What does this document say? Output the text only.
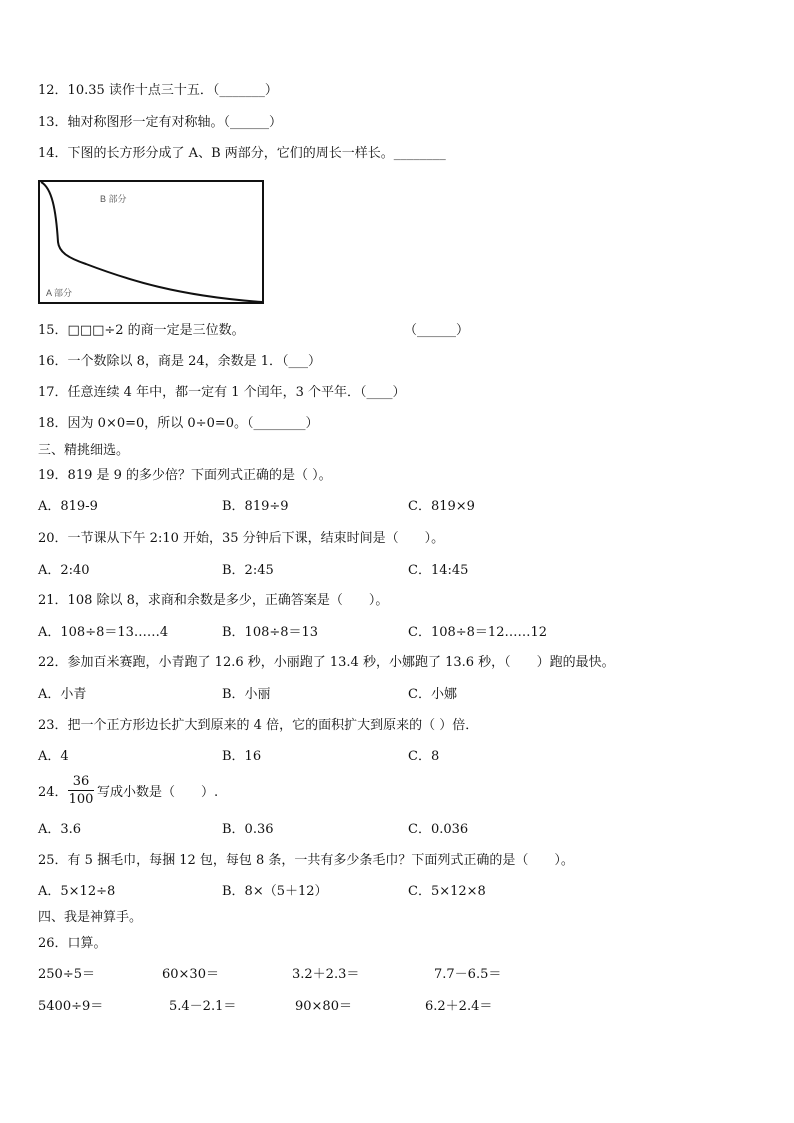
12．10.35 读作十点三十五．（_______）
13．轴对称图形一定有对称轴。（______）
14．下图的长方形分成了 A、B 两部分，它们的周长一样长。________
B 部分
A 部分
15．□□□÷2 的商一定是三位数。	（______）
16．一个数除以 8，商是 24，余数是 1．（___）
17．任意连续 4 年中，都一定有 1 个闰年，3 个平年．（____）
18．因为 0×0=0，所以 0÷0=0。（________）
三、精挑细选。
19．819 是 9 的多少倍？下面列式正确的是（ ）。
A．819-9	B．819÷9	C．819×9
20．一节课从下午 2:10 开始，35 分钟后下课，结束时间是（　　）。
A．2:40	B．2:45	C．14:45
21．108 除以 8，求商和余数是多少，正确答案是（　　）。
A．108÷8＝13……4	B．108÷8＝13	C．108÷8＝12……12
22．参加百米赛跑，小青跑了 12.6 秒，小丽跑了 13.4 秒，小娜跑了 13.6 秒，（　　）跑的最快。
A．小青	B．小丽	C．小娜
23．把一个正方形边长扩大到原来的 4 倍，它的面积扩大到原来的（ ）倍．
A．4	B．16	C．8
24．
36
100 写成小数是（　　）.
A．3.6	B．0.36	C．0.036
25．有 5 捆毛巾，每捆 12 包，每包 8 条，一共有多少条毛巾？下面列式正确的是（　　）。
A．5×12÷8	B．8×（5＋12）	C．5×12×8
四、我是神算手。
26．口算。
250÷5＝	60×30＝	3.2＋2.3＝	7.7－6.5＝
5400÷9＝	5.4－2.1＝	90×80＝	6.2＋2.4＝
